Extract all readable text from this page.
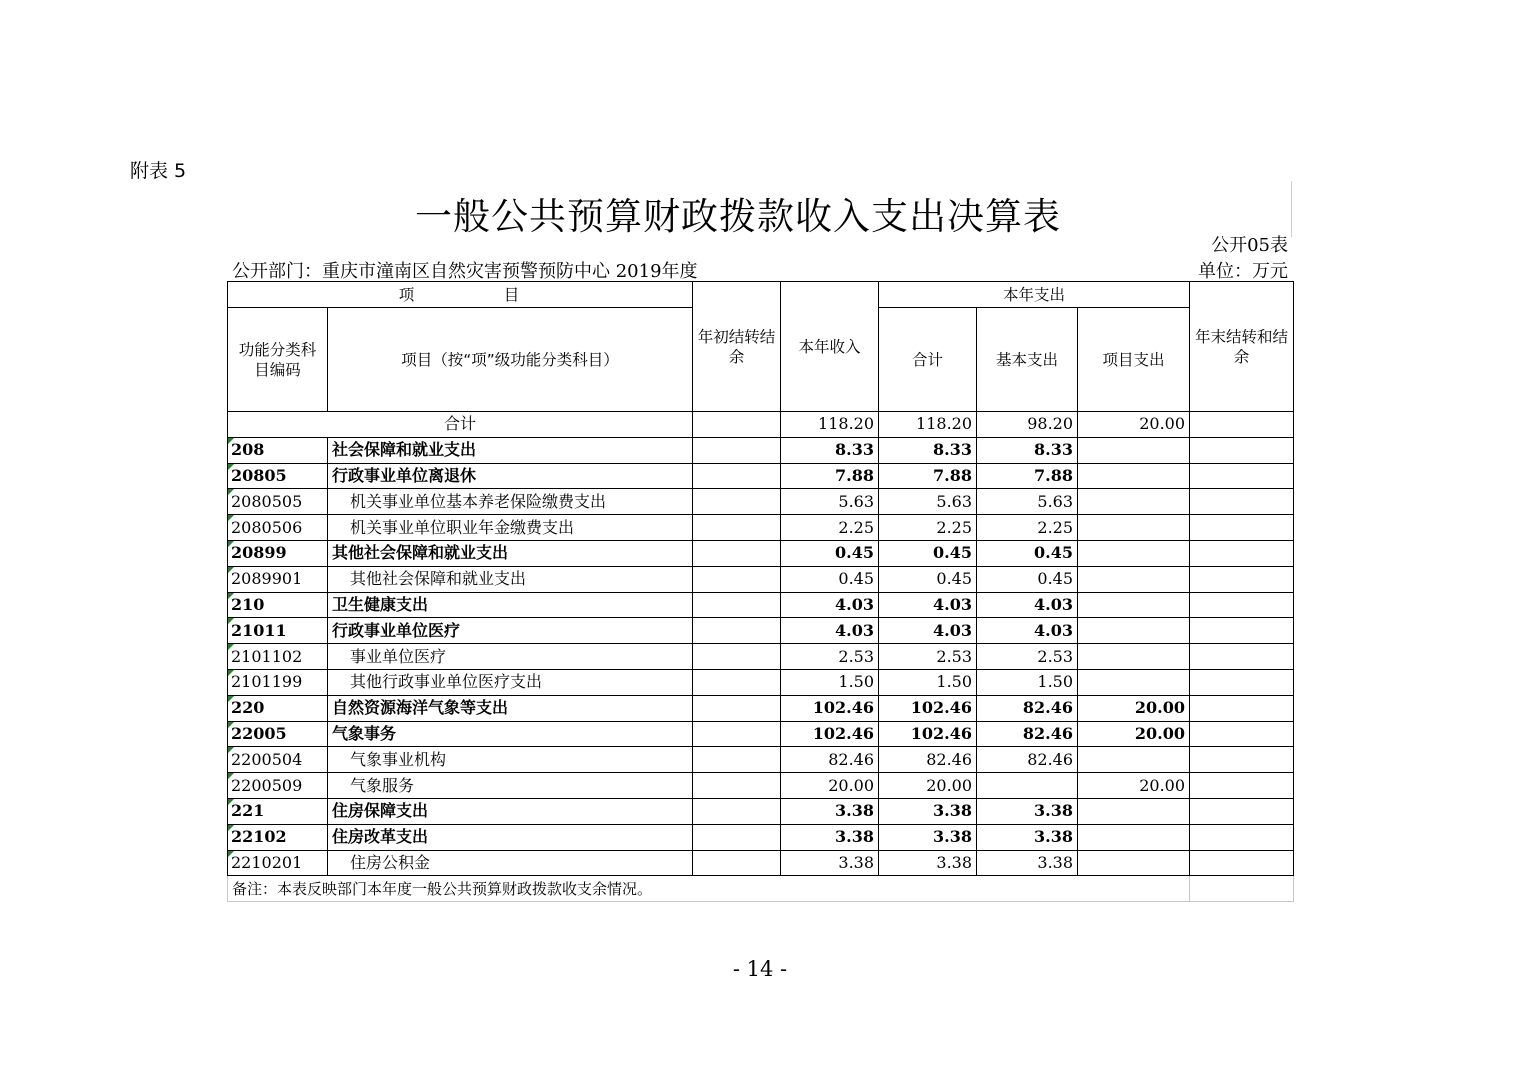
附表 5
一般公共预算财政拨款收入支出决算表
公开05表
公开部门：重庆市潼南区自然灾害预警预防中心 2019年度	单位：万元
项　　　　　目		年初结转结余	本年收入	本年支出			年末结转和结余
功能分类科目编码	项目（按“项”级功能分类科目）			合计	基本支出	项目支出	
合计			118.20	118.20	98.20	20.00	
208	社会保障和就业支出		8.33	8.33	8.33		
20805	行政事业单位离退休		7.88	7.88	7.88		
2080505	机关事业单位基本养老保险缴费支出		5.63	5.63	5.63		
2080506	机关事业单位职业年金缴费支出		2.25	2.25	2.25		
20899	其他社会保障和就业支出		0.45	0.45	0.45		
2089901	其他社会保障和就业支出		0.45	0.45	0.45		
210	卫生健康支出		4.03	4.03	4.03		
21011	行政事业单位医疗		4.03	4.03	4.03		
2101102	事业单位医疗		2.53	2.53	2.53		
2101199	其他行政事业单位医疗支出		1.50	1.50	1.50		
220	自然资源海洋气象等支出		102.46	102.46	82.46	20.00	
22005	气象事务		102.46	102.46	82.46	20.00	
2200504	气象事业机构		82.46	82.46	82.46		
2200509	气象服务		20.00	20.00		20.00	
221	住房保障支出		3.38	3.38	3.38		
22102	住房改革支出		3.38	3.38	3.38		
2210201	住房公积金		3.38	3.38	3.38		
备注：本表反映部门本年度一般公共预算财政拨款收支余情况。							
- 14 -
